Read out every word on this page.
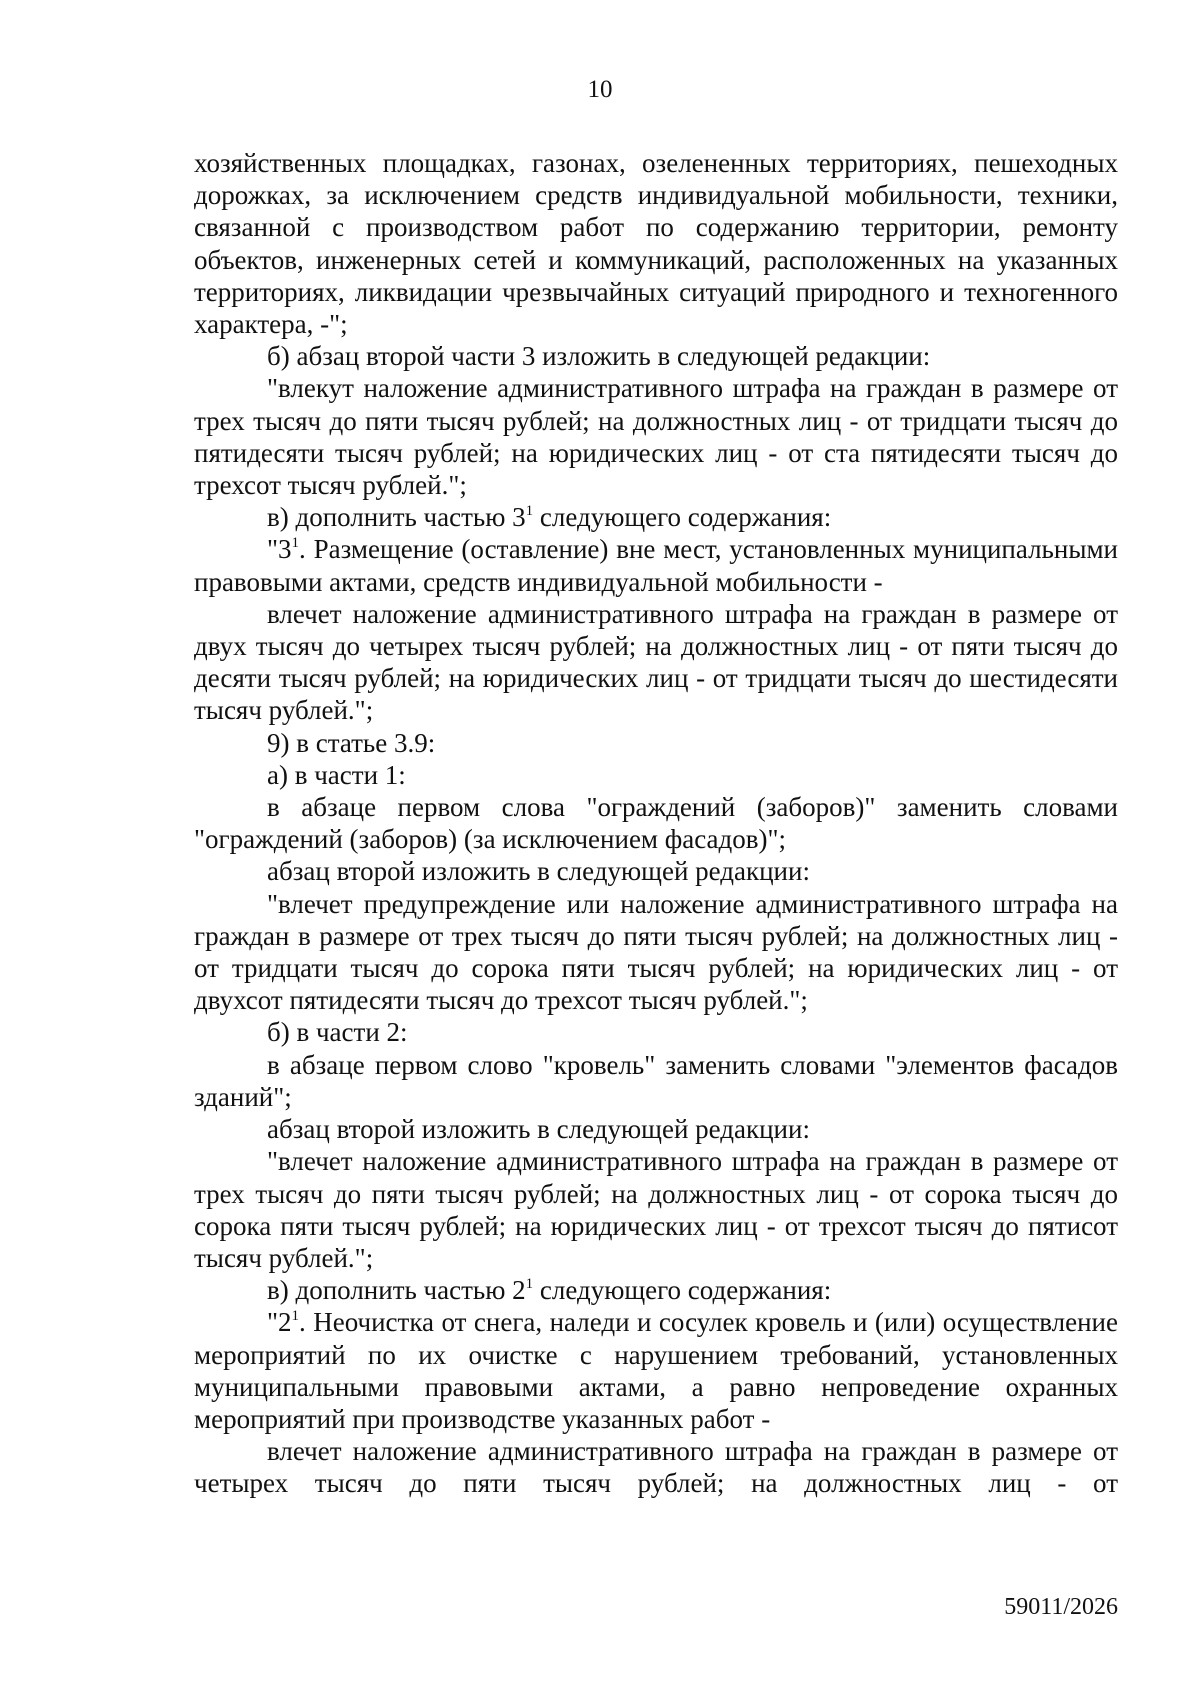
10

хозяйственных площадках, газонах, озелененных территориях, пешеходных дорожках, за исключением средств индивидуальной мобильности, техники, связанной с производством работ по содержанию территории, ремонту объектов, инженерных сетей и коммуникаций, расположенных на указанных территориях, ликвидации чрезвычайных ситуаций природного и техногенного характера, -";

б) абзац второй части 3 изложить в следующей редакции:

"влекут наложение административного штрафа на граждан в размере от трех тысяч до пяти тысяч рублей; на должностных лиц - от тридцати тысяч до пятидесяти тысяч рублей; на юридических лиц - от ста пятидесяти тысяч до трехсот тысяч рублей.";

в) дополнить частью $3^1$ следующего содержания:

"$3^1$. Размещение (оставление) вне мест, установленных муниципальными правовыми актами, средств индивидуальной мобильности -

влечет наложение административного штрафа на граждан в размере от двух тысяч до четырех тысяч рублей; на должностных лиц - от пяти тысяч до десяти тысяч рублей; на юридических лиц - от тридцати тысяч до шестидесяти тысяч рублей.";

9) в статье 3.9:

а) в части 1:

в абзаце первом слова "ограждений (заборов)" заменить словами "ограждений (заборов) (за исключением фасадов)";

абзац второй изложить в следующей редакции:

"влечет предупреждение или наложение административного штрафа на граждан в размере от трех тысяч до пяти тысяч рублей; на должностных лиц - от тридцати тысяч до сорока пяти тысяч рублей; на юридических лиц - от двухсот пятидесяти тысяч до трехсот тысяч рублей.";

б) в части 2:

в абзаце первом слово "кровель" заменить словами "элементов фасадов зданий";

абзац второй изложить в следующей редакции:

"влечет наложение административного штрафа на граждан в размере от трех тысяч до пяти тысяч рублей; на должностных лиц - от сорока тысяч до сорока пяти тысяч рублей; на юридических лиц - от трехсот тысяч до пятисот тысяч рублей.";

в) дополнить частью $2^1$ следующего содержания:

"$2^1$. Неочистка от снега, наледи и сосулек кровель и (или) осуществление мероприятий по их очистке с нарушением требований, установленных муниципальными правовыми актами, а равно непроведение охранных мероприятий при производстве указанных работ -

влечет наложение административного штрафа на граждан в размере от четырех тысяч до пяти тысяч рублей; на должностных лиц - от

59011/2026
